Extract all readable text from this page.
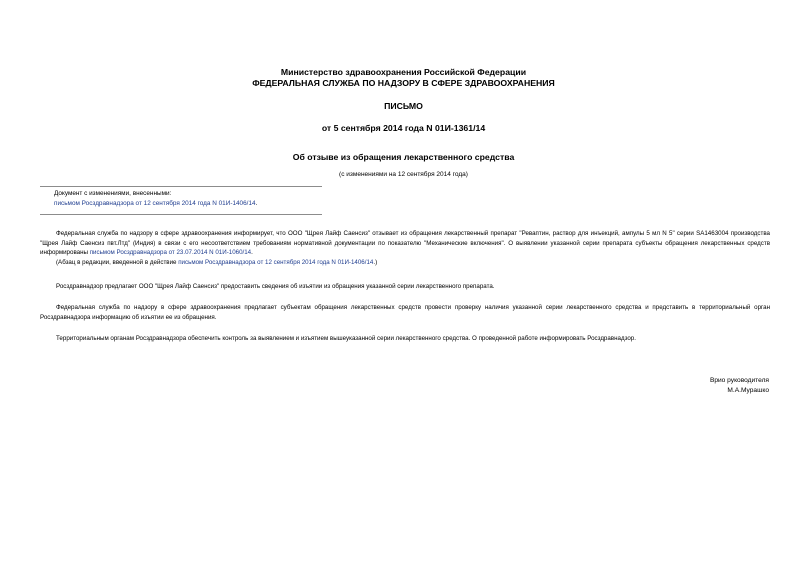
Министерство здравоохранения Российской Федерации
ФЕДЕРАЛЬНАЯ СЛУЖБА ПО НАДЗОРУ В СФЕРЕ ЗДРАВООХРАНЕНИЯ
ПИСЬМО
от 5 сентября 2014 года N 01И-1361/14
Об отзыве из обращения лекарственного средства
(с изменениями на 12 сентября 2014 года)
Документ с изменениями, внесенными:
письмом Росздравнадзора от 12 сентября 2014 года N 01И-1406/14.
Федеральная служба по надзору в сфере здравоохранения информирует, что ООО "Щрея Лайф Саенсиз" отзывает из обращения лекарственный препарат "Реваптин, раствор для инъекций, ампулы 5 мл N 5" серии SA1463004 производства "Щрея Лайф Саенсиз пвт.Лтд" (Индия) в связи с его несоответствием требованиям нормативной документации по показателю "Механические включения". О выявлении указанной серии препарата субъекты обращения лекарственных средств информированы письмом Росздравнадзора от 23.07.2014 N 01И-1060/14.
(Абзац в редакции, введенной в действие письмом Росздравнадзора от 12 сентября 2014 года N 01И-1406/14.)
Росздравнадзор предлагает ООО "Щрея Лайф Саенсиз" предоставить сведения об изъятии из обращения указанной серии лекарственного препарата.
Федеральная служба по надзору в сфере здравоохранения предлагает субъектам обращения лекарственных средств провести проверку наличия указанной серии лекарственного средства и представить в территориальный орган Росздравнадзора информацию об изъятии ее из обращения.
Территориальным органам Росздравнадзора обеспечить контроль за выявлением и изъятием вышеуказанной серии лекарственного средства. О проведенной работе информировать Росздравнадзор.
Врио руководителя
М.А.Мурашко
